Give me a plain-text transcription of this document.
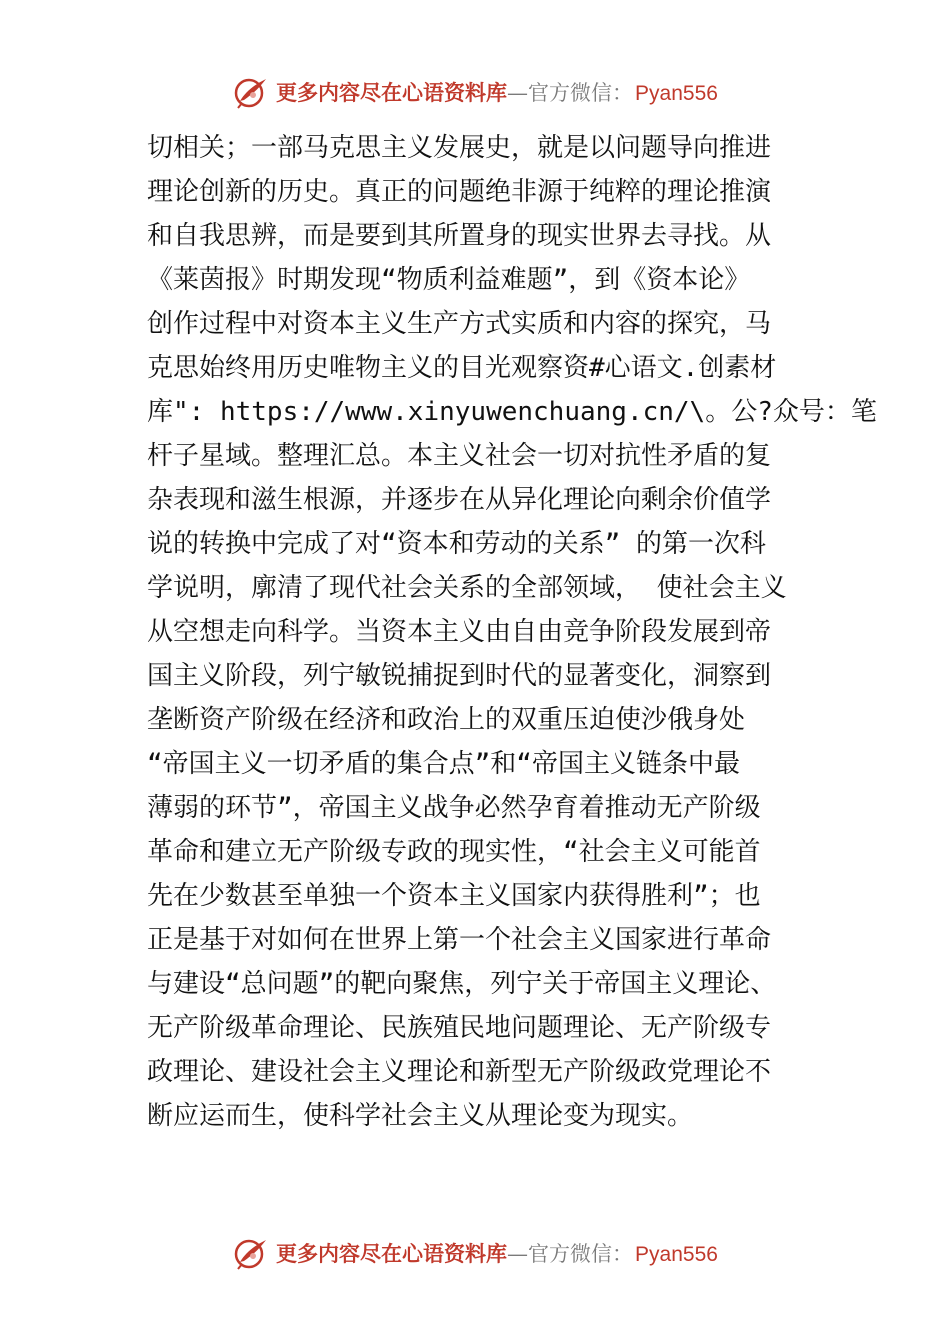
更多内容尽在心语资料库 —官方微信： Pyan556
切相关；一部马克思主义发展史，就是以问题导向推进
理论创新的历史。真正的问题绝非源于纯粹的理论推演
和自我思辨，而是要到其所置身的现实世界去寻找。从
《莱茵报》时期发现“物质利益难题”，到《资本论》
创作过程中对资本主义生产方式实质和内容的探究，马
克思始终用历史唯物主义的目光观察资#心语文.创素材
库": https://www.xinyuwenchuang.cn/\。公?众号：笔
杆子星域。整理汇总。本主义社会一切对抗性矛盾的复
杂表现和滋生根源，并逐步在从异化理论向剩余价值学
说的转换中完成了对“资本和劳动的关系” 的第一次科
学说明，廓清了现代社会关系的全部领域， 使社会主义
从空想走向科学。当资本主义由自由竞争阶段发展到帝
国主义阶段，列宁敏锐捕捉到时代的显著变化，洞察到
垄断资产阶级在经济和政治上的双重压迫使沙俄身处
“帝国主义一切矛盾的集合点”和“帝国主义链条中最
薄弱的环节”，帝国主义战争必然孕育着推动无产阶级
革命和建立无产阶级专政的现实性，“社会主义可能首
先在少数甚至单独一个资本主义国家内获得胜利”；也
正是基于对如何在世界上第一个社会主义国家进行革命
与建设“总问题”的靶向聚焦，列宁关于帝国主义理论、
无产阶级革命理论、民族殖民地问题理论、无产阶级专
政理论、建设社会主义理论和新型无产阶级政党理论不
断应运而生，使科学社会主义从理论变为现实。
更多内容尽在心语资料库 —官方微信： Pyan556
